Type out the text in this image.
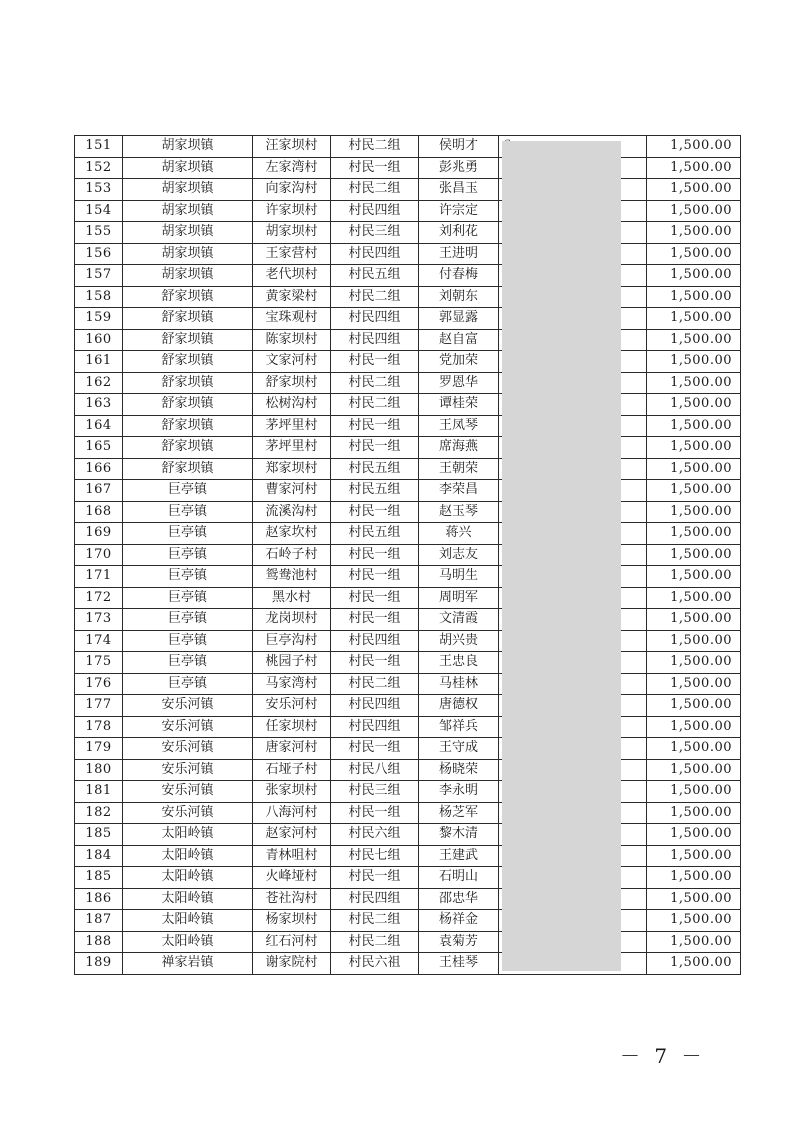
151	胡家坝镇	汪家坝村	村民二组	侯明才		1,500.00
152	胡家坝镇	左家湾村	村民一组	彭兆勇		1,500.00
153	胡家坝镇	向家沟村	村民二组	张昌玉		1,500.00
154	胡家坝镇	许家坝村	村民四组	许宗定		1,500.00
155	胡家坝镇	胡家坝村	村民三组	刘利花		1,500.00
156	胡家坝镇	王家营村	村民四组	王进明		1,500.00
157	胡家坝镇	老代坝村	村民五组	付春梅		1,500.00
158	舒家坝镇	黄家梁村	村民二组	刘朝东		1,500.00
159	舒家坝镇	宝珠观村	村民四组	郭显露		1,500.00
160	舒家坝镇	陈家坝村	村民四组	赵自富		1,500.00
161	舒家坝镇	文家河村	村民一组	党加荣		1,500.00
162	舒家坝镇	舒家坝村	村民二组	罗恩华		1,500.00
163	舒家坝镇	松树沟村	村民二组	谭桂荣		1,500.00
164	舒家坝镇	茅坪里村	村民一组	王凤琴		1,500.00
165	舒家坝镇	茅坪里村	村民一组	席海燕		1,500.00
166	舒家坝镇	郑家坝村	村民五组	王朝荣		1,500.00
167	巨亭镇	曹家河村	村民五组	李荣昌		1,500.00
168	巨亭镇	流溪沟村	村民一组	赵玉琴		1,500.00
169	巨亭镇	赵家坎村	村民五组	蒋兴		1,500.00
170	巨亭镇	石岭子村	村民一组	刘志友		1,500.00
171	巨亭镇	鸳鸯池村	村民一组	马明生		1,500.00
172	巨亭镇	黑水村	村民一组	周明军		1,500.00
173	巨亭镇	龙岗坝村	村民一组	文清霞		1,500.00
174	巨亭镇	巨亭沟村	村民四组	胡兴贵		1,500.00
175	巨亭镇	桃园子村	村民一组	王忠良		1,500.00
176	巨亭镇	马家湾村	村民二组	马桂林		1,500.00
177	安乐河镇	安乐河村	村民四组	唐德权		1,500.00
178	安乐河镇	任家坝村	村民四组	邹祥兵		1,500.00
179	安乐河镇	唐家河村	村民一组	王守成		1,500.00
180	安乐河镇	石垭子村	村民八组	杨晓荣		1,500.00
181	安乐河镇	张家坝村	村民三组	李永明		1,500.00
182	安乐河镇	八海河村	村民一组	杨芝军		1,500.00
185	太阳岭镇	赵家河村	村民六组	黎木清		1,500.00
184	太阳岭镇	青林咀村	村民七组	王建武		1,500.00
185	太阳岭镇	火峰垭村	村民一组	石明山		1,500.00
186	太阳岭镇	苍社沟村	村民四组	邵忠华		1,500.00
187	太阳岭镇	杨家坝村	村民二组	杨祥金		1,500.00
188	太阳岭镇	红石河村	村民二组	袁菊芳		1,500.00
189	禅家岩镇	谢家院村	村民六祖	王桂琴		1,500.00
－ 7 －
